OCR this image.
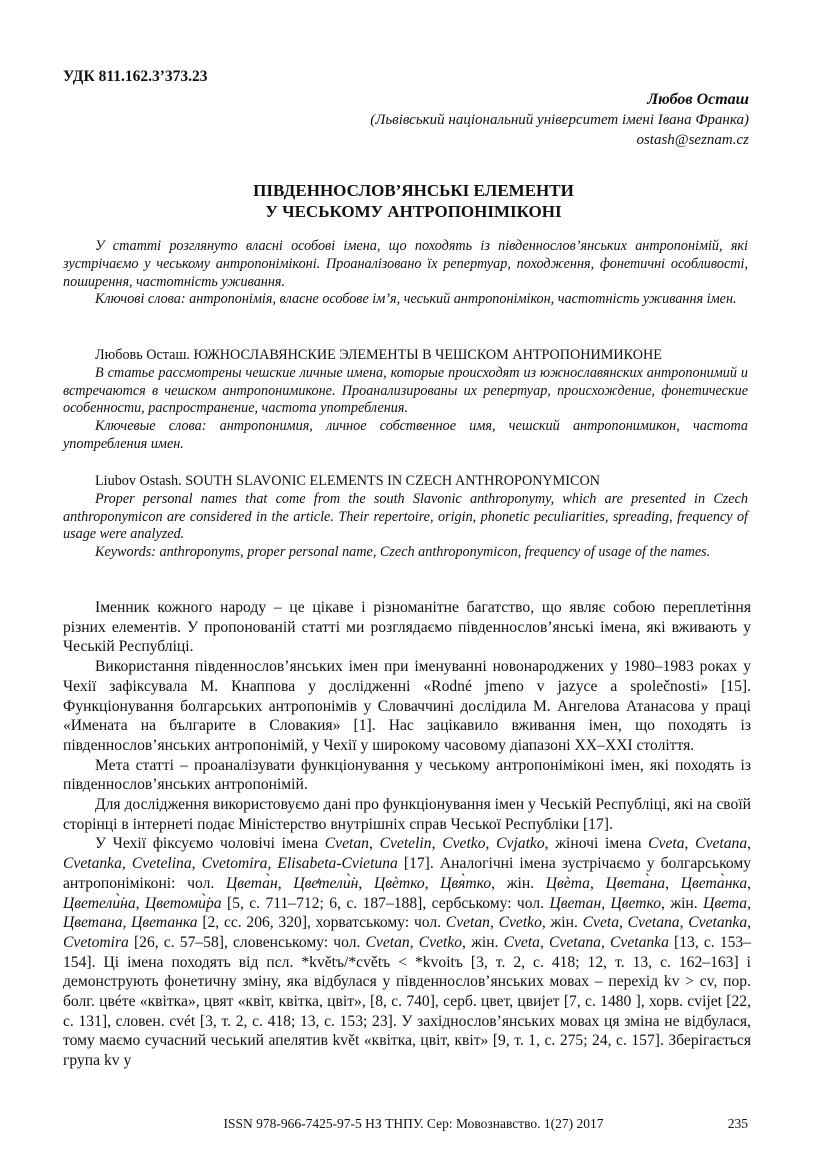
УДК 811.162.3’373.23
Любов Осташ
(Львівський національний університет імені Івана Франка)
ostash@seznam.cz
ПІВДЕННОСЛОВ’ЯНСЬКІ ЕЛЕМЕНТИ
У ЧЕСЬКОМУ АНТРОПОНІМІКОНІ

У статті розглянуто власні особові імена, що походять із південнослов’янських антропонімій, які зустрічаємо у чеському антропоніміконі. Проаналізовано їх репертуар, походження, фонетичні особливості, поширення, частотність уживання.

Ключові слова: антропонімія, власне особове ім’я, чеський антропонімікон, частотність уживання імен.

Любовь Осташ. ЮЖНОСЛАВЯНСКИЕ ЭЛЕМЕНТЫ В ЧЕШСКОМ АНТРОПОНИМИКОНЕ

В статье рассмотрены чешские личные имена, которые происходят из южнославянских антропонимий и встречаются в чешском антропонимиконе. Проанализированы их репертуар, происхождение, фонетические особенности, распространение, частота употребления.

Ключевые слова: антропонимия, личное собственное имя, чешский антропонимикон, частота употребления имен.

Liubov Ostash. SOUTH SLAVONIC ELEMENTS IN CZECH ANTHROPONYMICON

Proper personal names that come from the south Slavonic anthroponymy, which are presented in Czech anthroponymicon are considered in the article. Their repertoire, origin, phonetic peculiarities, spreading, frequency of usage were analyzed.

Keywords: anthroponyms, proper personal name, Czech anthroponymicon, frequency of usage of the names.

Іменник кожного народу – це цікаве і різноманітне багатство, що являє собою переплетіння різних елементів. У пропонованій статті ми розглядаємо південнослов’янські імена, які вживають у Чеській Республіці.

Використання південнослов’янських імен при іменуванні новонароджених у 1980–1983 роках у Чехії зафіксувала М. Кнаппова у дослідженні «Rodné jmeno v jazyce a společnosti» [15]. Функціонування болгарських антропонімів у Словаччині дослідила М. Ангелова Атанасова у праці «Имената на българите в Словакия» [1]. Нас зацікавило вживання імен, що походять із південнослов’янських антропонімій, у Чехії у широкому часовому діапазоні XX–XXI століття.

Мета статті – проаналізувати функціонування у чеському антропоніміконі імен, які походять із південнослов’янських антропонімій.

Для дослідження використовуємо дані про функціонування імен у Чеській Республіці, які на своїй сторінці в інтернеті подає Міністерство внутрішніх справ Чеської Республіки [17].

У Чехії фіксуємо чоловічі імена Cvetan, Cvetelin, Cvetko, Cvjatko, жіночі імена Cveta, Cvetana, Cvetanka, Cvetelina, Cvetomira, Elisabeta-Cvietuna [17]. Аналогічні імена зустрічаємо у болгарському антропоніміконі: чол. Цвета̀н, Цвеͭтели̇̀н, Цвѐтко, Цвя̀тко, жін. Цвѐта, Цвета̀на, Цвета̀нка, Цветели̇̀на, Цветоми̇̀ра [5, с. 711–712; 6, с. 187–188], сербському: чол. Цветан, Цветко, жін. Цвета, Цветана, Цветанка [2, сс. 206, 320], хорватському: чол. Cvetan, Cvetko, жін. Cveta, Cvetana, Cvetanka, Cvetomira [26, с. 57–58], словенському: чол. Cvetan, Cvetko, жін. Cveta, Cvetana, Cvetanka [13, с. 153–154]. Ці імена походять від псл. *květъ/*cvětъ < *kvoitъ [3, т. 2, с. 418; 12, т. 13, с. 162–163] і демонструють фонетичну зміну, яка відбулася у південнослов’янських мовах – перехід kv > cv, пор. болг. цвéте «квітка», цвят «квіт, квітка, цвіт», [8, с. 740], серб. цвет, цвиjет [7, с. 1480 ], хорв. cvijet [22, с. 131], словен. cvét [3, т. 2, с. 418; 13, с. 153; 23]. У західнослов’янських мовах ця зміна не відбулася, тому маємо сучасний чеський апелятив květ «квітка, цвіт, квіт» [9, т. 1, с. 275; 24, с. 157]. Зберігається група kv у

ISSN 978-966-7425-97-5 НЗ ТНПУ. Сер: Мовознавство. 1(27) 2017	235
